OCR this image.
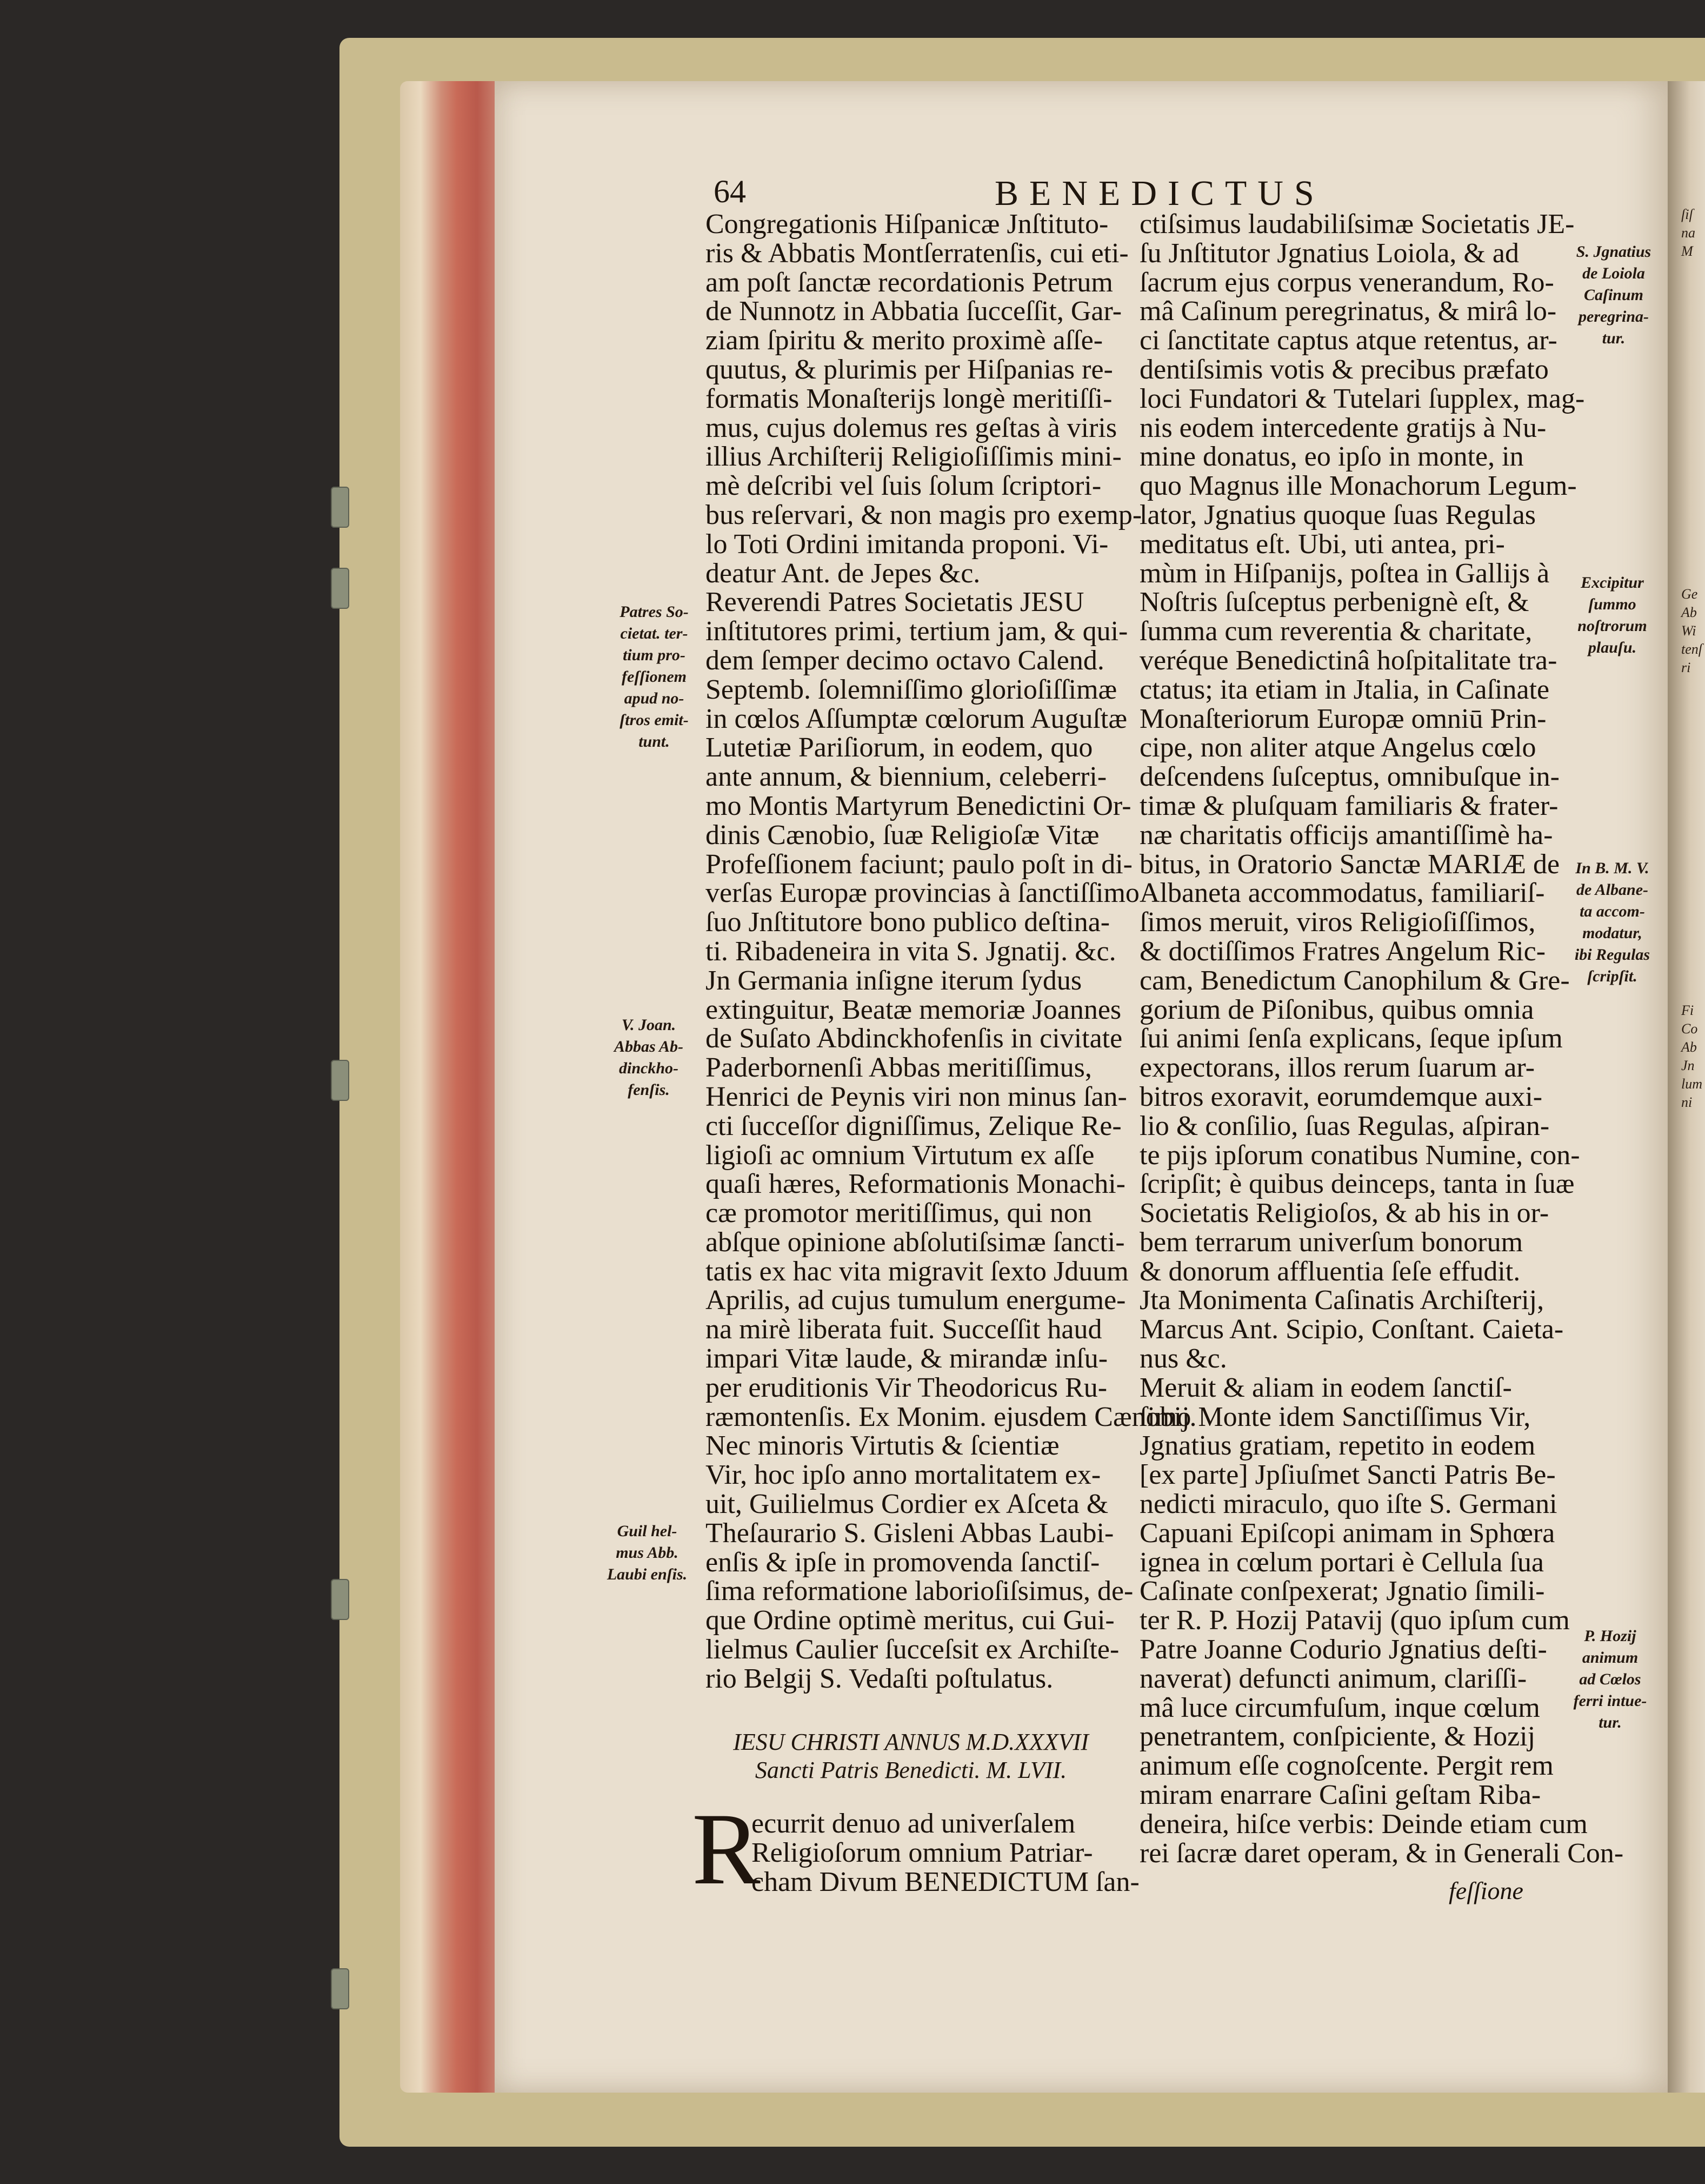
ſiſ
na
M
Ge
Ab
Wi
tenſ
ri
Fi
Co
Ab
Jn
lum
ni
64	BENEDICTUS
Congregationis Hiſpanicæ Jnſtituto-
ris & Abbatis Montſerratenſis, cui eti-
am poſt ſanctæ recordationis Petrum
de Nunnotz in Abbatia ſucceſſit, Gar-
ziam ſpiritu & merito proximè aſſe-
quutus, & plurimis per Hiſpanias re-
formatis Monaſterijs longè meritiſſi-
mus, cujus dolemus res geſtas à viris
illius Archiſterij Religioſiſſimis mini-
mè deſcribi vel ſuis ſolum ſcriptori-
bus reſervari, & non magis pro exemp-
lo Toti Ordini imitanda proponi. Vi-
deatur Ant. de Jepes &c.
Reverendi Patres Societatis JESU
inſtitutores primi, tertium jam, & qui-
dem ſemper decimo octavo Calend.
Septemb. ſolemniſſimo glorioſiſſimæ
in cœlos Aſſumptæ cœlorum Auguſtæ
Lutetiæ Pariſiorum, in eodem, quo
ante annum, & biennium, celeberri-
mo Montis Martyrum Benedictini Or-
dinis Cænobio, ſuæ Religioſæ Vitæ
Profeſſionem faciunt; paulo poſt in di-
verſas Europæ provincias à ſanctiſſimo
ſuo Jnſtitutore bono publico deſtina-
ti. Ribadeneira in vita S. Jgnatij. &c.
Jn Germania inſigne iterum ſydus
extinguitur, Beatæ memoriæ Joannes
de Suſato Abdinckhofenſis in civitate
Paderbornenſi Abbas meritiſſimus,
Henrici de Peynis viri non minus ſan-
cti ſucceſſor digniſſimus, Zelique Re-
ligioſi ac omnium Virtutum ex aſſe
quaſi hæres, Reformationis Monachi-
cæ promotor meritiſſimus, qui non
abſque opinione abſolutiſsimæ ſancti-
tatis ex hac vita migravit ſexto Jduum
Aprilis, ad cujus tumulum energume-
na mirè liberata fuit. Succeſſit haud
impari Vitæ laude, & mirandæ inſu-
per eruditionis Vir Theodoricus Ru-
ræmontenſis. Ex Monim. ejusdem Cænobij.
Nec minoris Virtutis & ſcientiæ
Vir, hoc ipſo anno mortalitatem ex-
uit, Guilielmus Cordier ex Aſceta &
Theſaurario S. Gisleni Abbas Laubi-
enſis & ipſe in promovenda ſanctiſ-
ſima reformatione laborioſiſsimus, de-
que Ordine optimè meritus, cui Gui-
lielmus Caulier ſucceſsit ex Archiſte-
rio Belgij S. Vedaſti poſtulatus.
ctiſsimus laudabiliſsimæ Societatis JE-
ſu Jnſtitutor Jgnatius Loiola, & ad
ſacrum ejus corpus venerandum, Ro-
mâ Caſinum peregrinatus, & mirâ lo-
ci ſanctitate captus atque retentus, ar-
dentiſsimis votis & precibus præfato
loci Fundatori & Tutelari ſupplex, mag-
nis eodem intercedente gratijs à Nu-
mine donatus, eo ipſo in monte, in
quo Magnus ille Monachorum Legum-
lator, Jgnatius quoque ſuas Regulas
meditatus eſt. Ubi, uti antea, pri-
mùm in Hiſpanijs, poſtea in Gallijs à
Noſtris ſuſceptus perbenignè eſt, &
ſumma cum reverentia & charitate,
veréque Benedictinâ hoſpitalitate tra-
ctatus; ita etiam in Jtalia, in Caſinate
Monaſteriorum Europæ omniū Prin-
cipe, non aliter atque Angelus cœlo
deſcendens ſuſceptus, omnibuſque in-
timæ & pluſquam familiaris & frater-
næ charitatis officijs amantiſſimè ha-
bitus, in Oratorio Sanctæ MARIÆ de
Albaneta accommodatus, familiariſ-
ſimos meruit, viros Religioſiſſimos,
& doctiſſimos Fratres Angelum Ric-
cam, Benedictum Canophilum & Gre-
gorium de Piſonibus, quibus omnia
ſui animi ſenſa explicans, ſeque ipſum
expectorans, illos rerum ſuarum ar-
bitros exoravit, eorumdemque auxi-
lio & conſilio, ſuas Regulas, aſpiran-
te pijs ipſorum conatibus Numine, con-
ſcripſit; è quibus deinceps, tanta in ſuæ
Societatis Religioſos, & ab his in or-
bem terrarum univerſum bonorum
& donorum affluentia ſeſe effudit.
Jta Monimenta Caſinatis Archiſterij,
Marcus Ant. Scipio, Conſtant. Caieta-
nus &c.
Meruit & aliam in eodem ſanctiſ-
ſimo Monte idem Sanctiſſimus Vir,
Jgnatius gratiam, repetito in eodem
[ex parte] Jpſiuſmet Sancti Patris Be-
nedicti miraculo, quo iſte S. Germani
Capuani Epiſcopi animam in Sphœra
ignea in cœlum portari è Cellula ſua
Caſinate conſpexerat; Jgnatio ſimili-
ter R. P. Hozij Patavij (quo ipſum cum
Patre Joanne Codurio Jgnatius deſti-
naverat) defuncti animum, clariſſi-
mâ luce circumfuſum, inque cœlum
penetrantem, conſpiciente, & Hozij
animum eſſe cognoſcente. Pergit rem
miram enarrare Caſini geſtam Riba-
deneira, hiſce verbis: Deinde etiam cum
rei ſacræ daret operam, & in Generali Con-
Patres So-
cietat. ter-
tium pro-
feſſionem
apud no-
ſtros emit-
tunt.
V. Joan.
Abbas Ab-
dinckho-
fenſis.
Guil hel-
mus Abb.
Laubi enſis.
S. Jgnatius
de Loiola
Caſinum
peregrina-
tur.
Excipitur
ſummo
noſtrorum
plauſu.
In B. M. V.
de Albane-
ta accom-
modatur,
ibi Regulas
ſcripſit.
P. Hozij
animum
ad Cœlos
ferri intue-
tur.
IESU CHRISTI ANNUS M.D.XXXVII
Sancti Patris Benedicti. M. LVII.
R
ecurrit denuo ad univerſalem
Religioſorum omnium Patriar-
cham Divum BENEDICTUM ſan-	feſſione
